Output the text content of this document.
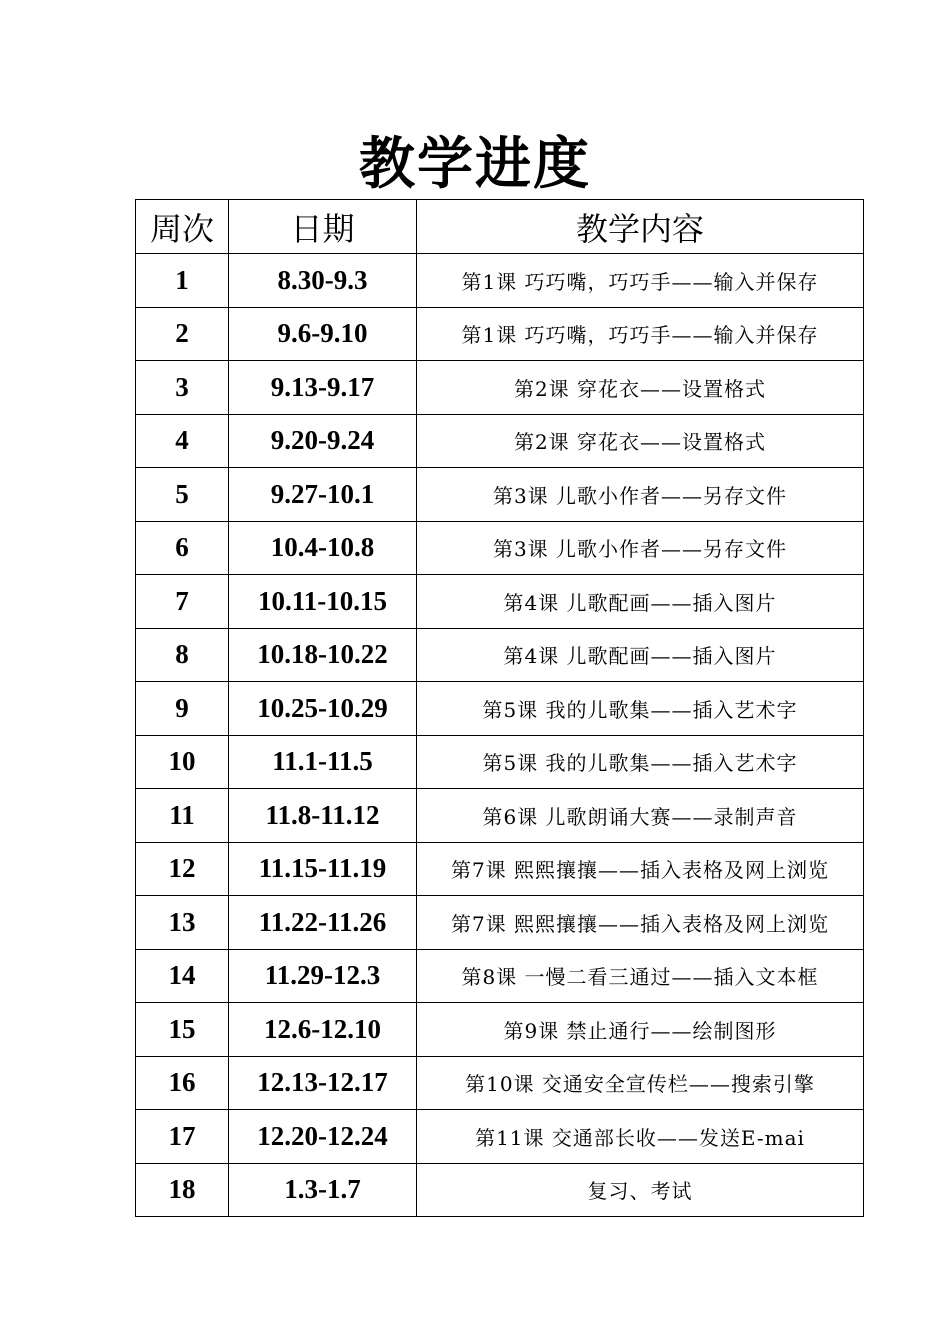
教学进度
周次	日期	教学内容
1	8.30-9.3	第1课 巧巧嘴，巧巧手——输入并保存
2	9.6-9.10	第1课 巧巧嘴，巧巧手——输入并保存
3	9.13-9.17	第2课 穿花衣——设置格式
4	9.20-9.24	第2课 穿花衣——设置格式
5	9.27-10.1	第3课 儿歌小作者——另存文件
6	10.4-10.8	第3课 儿歌小作者——另存文件
7	10.11-10.15	第4课 儿歌配画——插入图片
8	10.18-10.22	第4课 儿歌配画——插入图片
9	10.25-10.29	第5课 我的儿歌集——插入艺术字
10	11.1-11.5	第5课 我的儿歌集——插入艺术字
11	11.8-11.12	第6课 儿歌朗诵大赛——录制声音
12	11.15-11.19	第7课 熙熙攘攘——插入表格及网上浏览
13	11.22-11.26	第7课 熙熙攘攘——插入表格及网上浏览
14	11.29-12.3	第8课 一慢二看三通过——插入文本框
15	12.6-12.10	第9课 禁止通行——绘制图形
16	12.13-12.17	第10课 交通安全宣传栏——搜索引擎
17	12.20-12.24	第11课 交通部长收——发送E-mai
18	1.3-1.7	复习、考试
